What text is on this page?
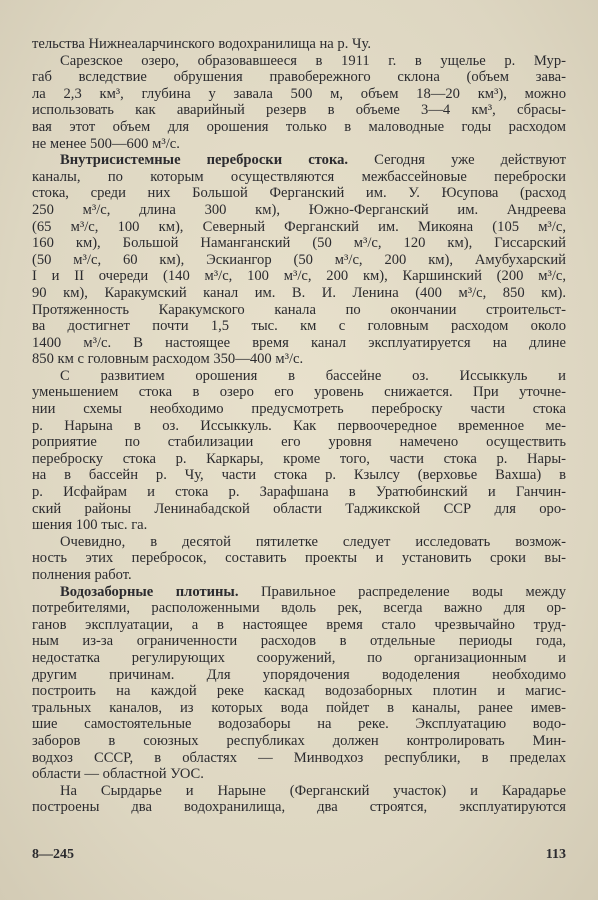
тельства Нижнеаларчинского водохранилища на р. Чу.
Сарезское озеро, образовавшееся в 1911 г. в ущелье р. Мур-
габ вследствие обрушения правобережного склона (объем зава-
ла 2,3 км³, глубина у завала 500 м, объем 18—20 км³), можно
использовать как аварийный резерв в объеме 3—4 км³, сбрасы-
вая этот объем для орошения только в маловодные годы расходом
не менее 500—600 м³/с.
Внутрисистемные переброски стока. Сегодня уже действуют
каналы, по которым осуществляются межбассейновые переброски
стока, среди них Большой Ферганский им. У. Юсупова (расход
250 м³/с, длина 300 км), Южно-Ферганский им. Андреева
(65 м³/с, 100 км), Северный Ферганский им. Микояна (105 м³/с,
160 км), Большой Наманганский (50 м³/с, 120 км), Гиссарский
(50 м³/с, 60 км), Эскиангор (50 м³/с, 200 км), Амубухарский
I и II очереди (140 м³/с, 100 м³/с, 200 км), Каршинский (200 м³/с,
90 км), Каракумский канал им. В. И. Ленина (400 м³/с, 850 км).
Протяженность Каракумского канала по окончании строительст-
ва достигнет почти 1,5 тыс. км с головным расходом около
1400 м³/с. В настоящее время канал эксплуатируется на длине
850 км с головным расходом 350—400 м³/с.
С развитием орошения в бассейне оз. Иссыккуль и
уменьшением стока в озеро его уровень снижается. При уточне-
нии схемы необходимо предусмотреть переброску части стока
р. Нарына в оз. Иссыккуль. Как первоочередное временное ме-
роприятие по стабилизации его уровня намечено осуществить
переброску стока р. Каркары, кроме того, части стока р. Нары-
на в бассейн р. Чу, части стока р. Кзылсу (верховье Вахша) в
р. Исфайрам и стока р. Зарафшана в Уратюбинский и Ганчин-
ский районы Ленинабадской области Таджикской ССР для оро-
шения 100 тыс. га.
Очевидно, в десятой пятилетке следует исследовать возмож-
ность этих перебросок, составить проекты и установить сроки вы-
полнения работ.
Водозаборные плотины. Правильное распределение воды между
потребителями, расположенными вдоль рек, всегда важно для ор-
ганов эксплуатации, а в настоящее время стало чрезвычайно труд-
ным из-за ограниченности расходов в отдельные периоды года,
недостатка регулирующих сооружений, по организационным и
другим причинам. Для упорядочения вододеления необходимо
построить на каждой реке каскад водозаборных плотин и магис-
тральных каналов, из которых вода пойдет в каналы, ранее имев-
шие самостоятельные водозаборы на реке. Эксплуатацию водо-
заборов в союзных республиках должен контролировать Мин-
водхоз СССР, в областях — Минводхоз республики, в пределах
области — областной УОС.
На Сырдарье и Нарыне (Ферганский участок) и Карадарье
построены два водохранилища, два строятся, эксплуатируются
8—245	113
